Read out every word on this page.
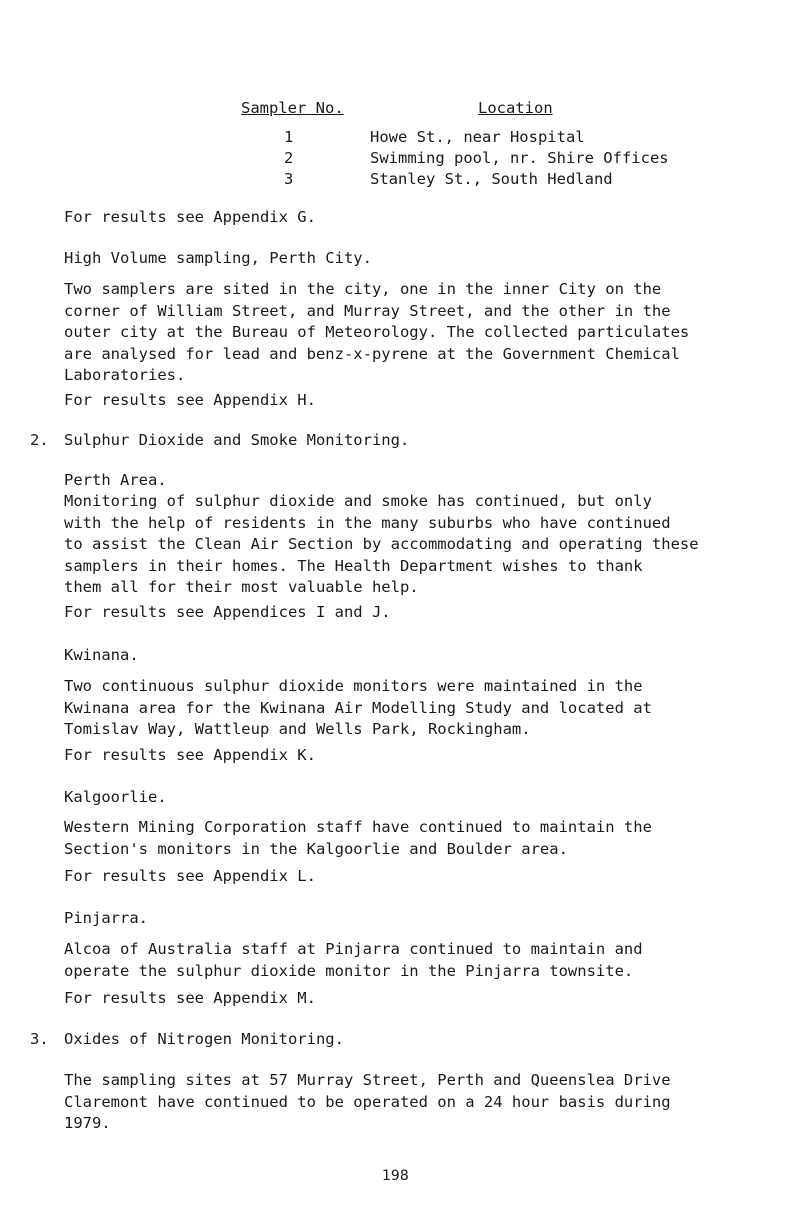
Sampler No.	Location
1	Howe St., near Hospital
2	Swimming pool, nr. Shire Offices
3	Stanley St., South Hedland
For results see Appendix G.
High Volume sampling, Perth City.

Two samplers are sited in the city, one in the inner City on the
corner of William Street, and Murray Street, and the other in the
outer city at the Bureau of Meteorology. The collected particulates
are analysed for lead and benz-x-pyrene at the Government Chemical
Laboratories.

For results see Appendix H.
2. Sulphur Dioxide and Smoke Monitoring.
Perth Area.

Monitoring of sulphur dioxide and smoke has continued, but only
with the help of residents in the many suburbs who have continued
to assist the Clean Air Section by accommodating and operating these
samplers in their homes. The Health Department wishes to thank
them all for their most valuable help.

For results see Appendices I and J.
Kwinana.

Two continuous sulphur dioxide monitors were maintained in the
Kwinana area for the Kwinana Air Modelling Study and located at
Tomislav Way, Wattleup and Wells Park, Rockingham.

For results see Appendix K.
Kalgoorlie.

Western Mining Corporation staff have continued to maintain the
Section's monitors in the Kalgoorlie and Boulder area.

For results see Appendix L.
Pinjarra.

Alcoa of Australia staff at Pinjarra continued to maintain and
operate the sulphur dioxide monitor in the Pinjarra townsite.

For results see Appendix M.
3. Oxides of Nitrogen Monitoring.

The sampling sites at 57 Murray Street, Perth and Queenslea Drive
Claremont have continued to be operated on a 24 hour basis during
1979.

198
